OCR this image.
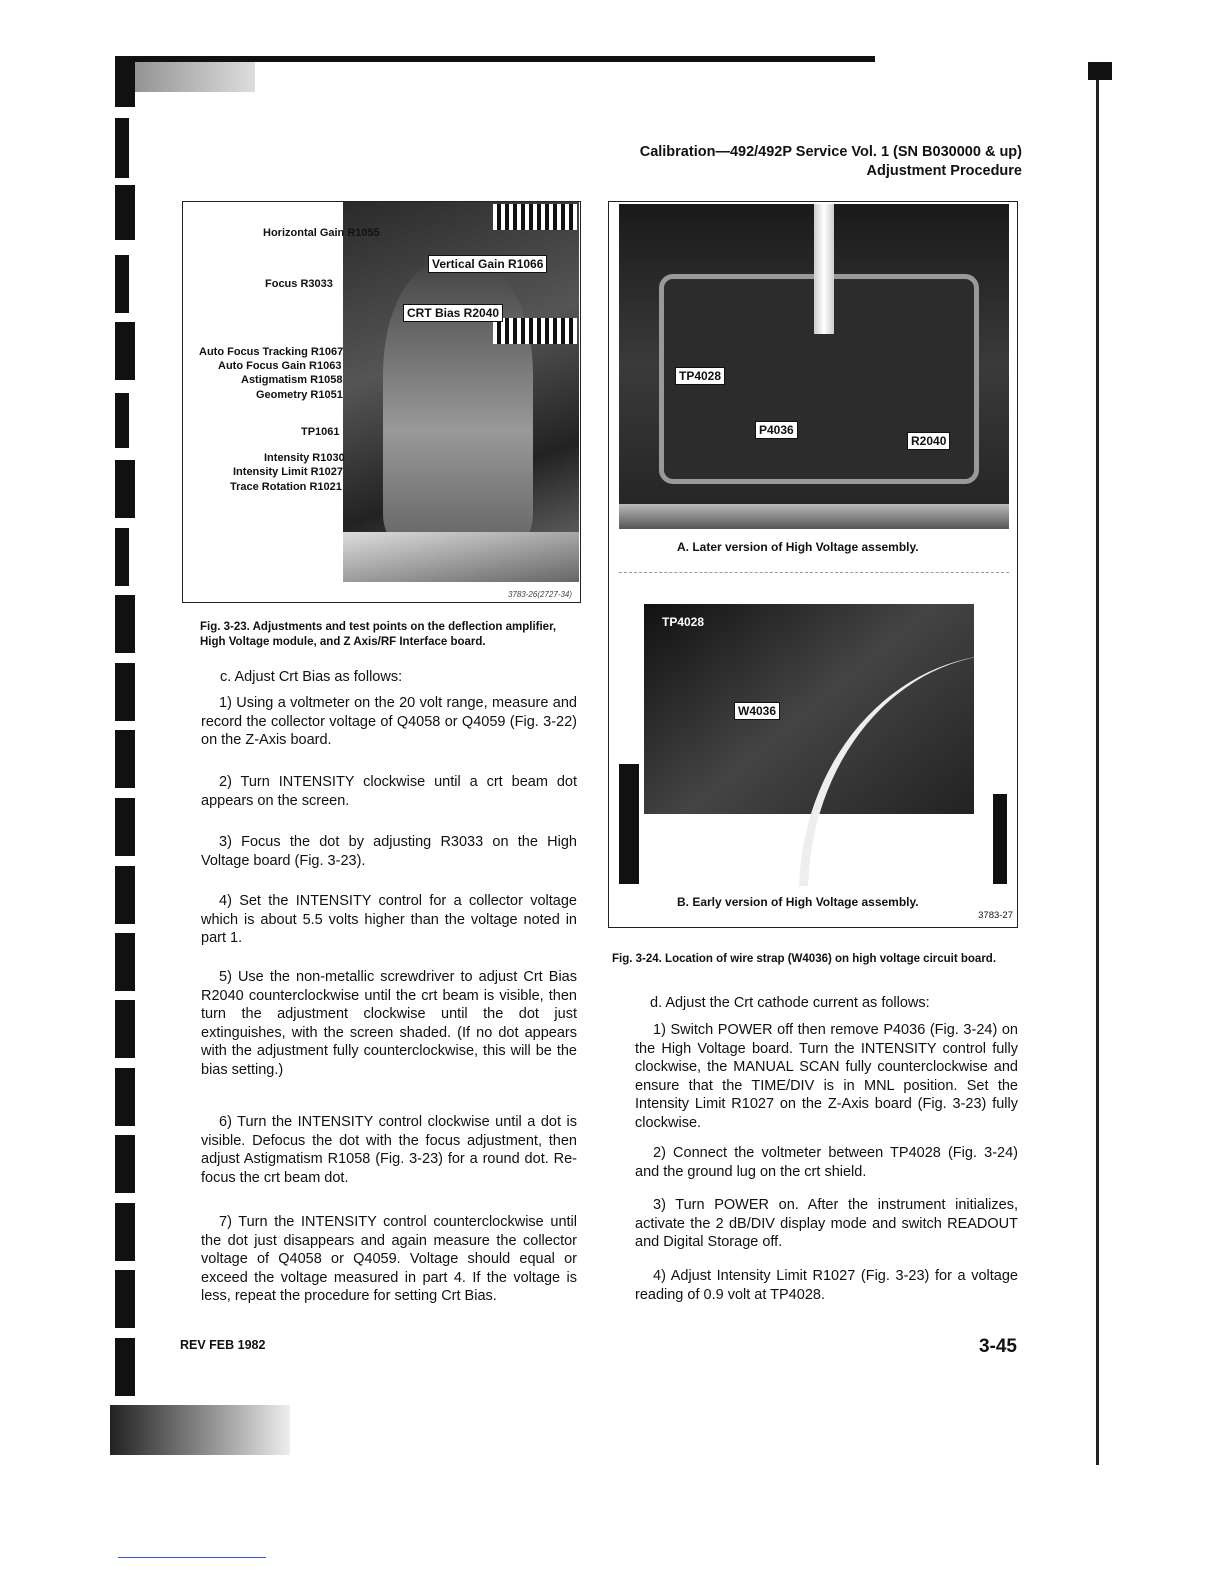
Calibration—492/492P Service Vol. 1 (SN B030000 & up)
Adjustment Procedure
Horizontal Gain R1055
Focus R3033
Auto Focus Tracking R1067
Auto Focus Gain R1063
Astigmatism R1058
Geometry R1051
TP1061
Intensity R1030
Intensity Limit R1027
Trace Rotation R1021
Vertical Gain R1066
CRT Bias R2040
3783-26(2727-34)
Fig. 3-23. Adjustments and test points on the deflection amplifier, High Voltage module, and Z Axis/RF Interface board.
TP4028
P4036
R2040
A. Later version of High Voltage assembly.
TP4028
W4036
B. Early version of High Voltage assembly.
3783-27
Fig. 3-24. Location of wire strap (W4036) on high voltage circuit board.
c. Adjust Crt Bias as follows:
1) Using a voltmeter on the 20 volt range, measure and record the collector voltage of Q4058 or Q4059 (Fig. 3-22) on the Z-Axis board.
2) Turn INTENSITY clockwise until a crt beam dot appears on the screen.
3) Focus the dot by adjusting R3033 on the High Voltage board (Fig. 3-23).
4) Set the INTENSITY control for a collector voltage which is about 5.5 volts higher than the voltage noted in part 1.
5) Use the non-metallic screwdriver to adjust Crt Bias R2040 counterclockwise until the crt beam is visible, then turn the adjustment clockwise until the dot just extinguishes, with the screen shaded. (If no dot appears with the adjustment fully counterclockwise, this will be the bias setting.)
6) Turn the INTENSITY control clockwise until a dot is visible. Defocus the dot with the focus adjustment, then adjust Astigmatism R1058 (Fig. 3-23) for a round dot. Re-focus the crt beam dot.
7) Turn the INTENSITY control counterclockwise until the dot just disappears and again measure the collector voltage of Q4058 or Q4059. Voltage should equal or exceed the voltage measured in part 4. If the voltage is less, repeat the procedure for setting Crt Bias.
d. Adjust the Crt cathode current as follows:
1) Switch POWER off then remove P4036 (Fig. 3-24) on the High Voltage board. Turn the INTENSITY control fully clockwise, the MANUAL SCAN fully counterclockwise and ensure that the TIME/DIV is in MNL position. Set the Intensity Limit R1027 on the Z-Axis board (Fig. 3-23) fully clockwise.
2) Connect the voltmeter between TP4028 (Fig. 3-24) and the ground lug on the crt shield.
3) Turn POWER on. After the instrument initializes, activate the 2 dB/DIV display mode and switch READOUT and Digital Storage off.
4) Adjust Intensity Limit R1027 (Fig. 3-23) for a voltage reading of 0.9 volt at TP4028.
REV FEB 1982	3-45
